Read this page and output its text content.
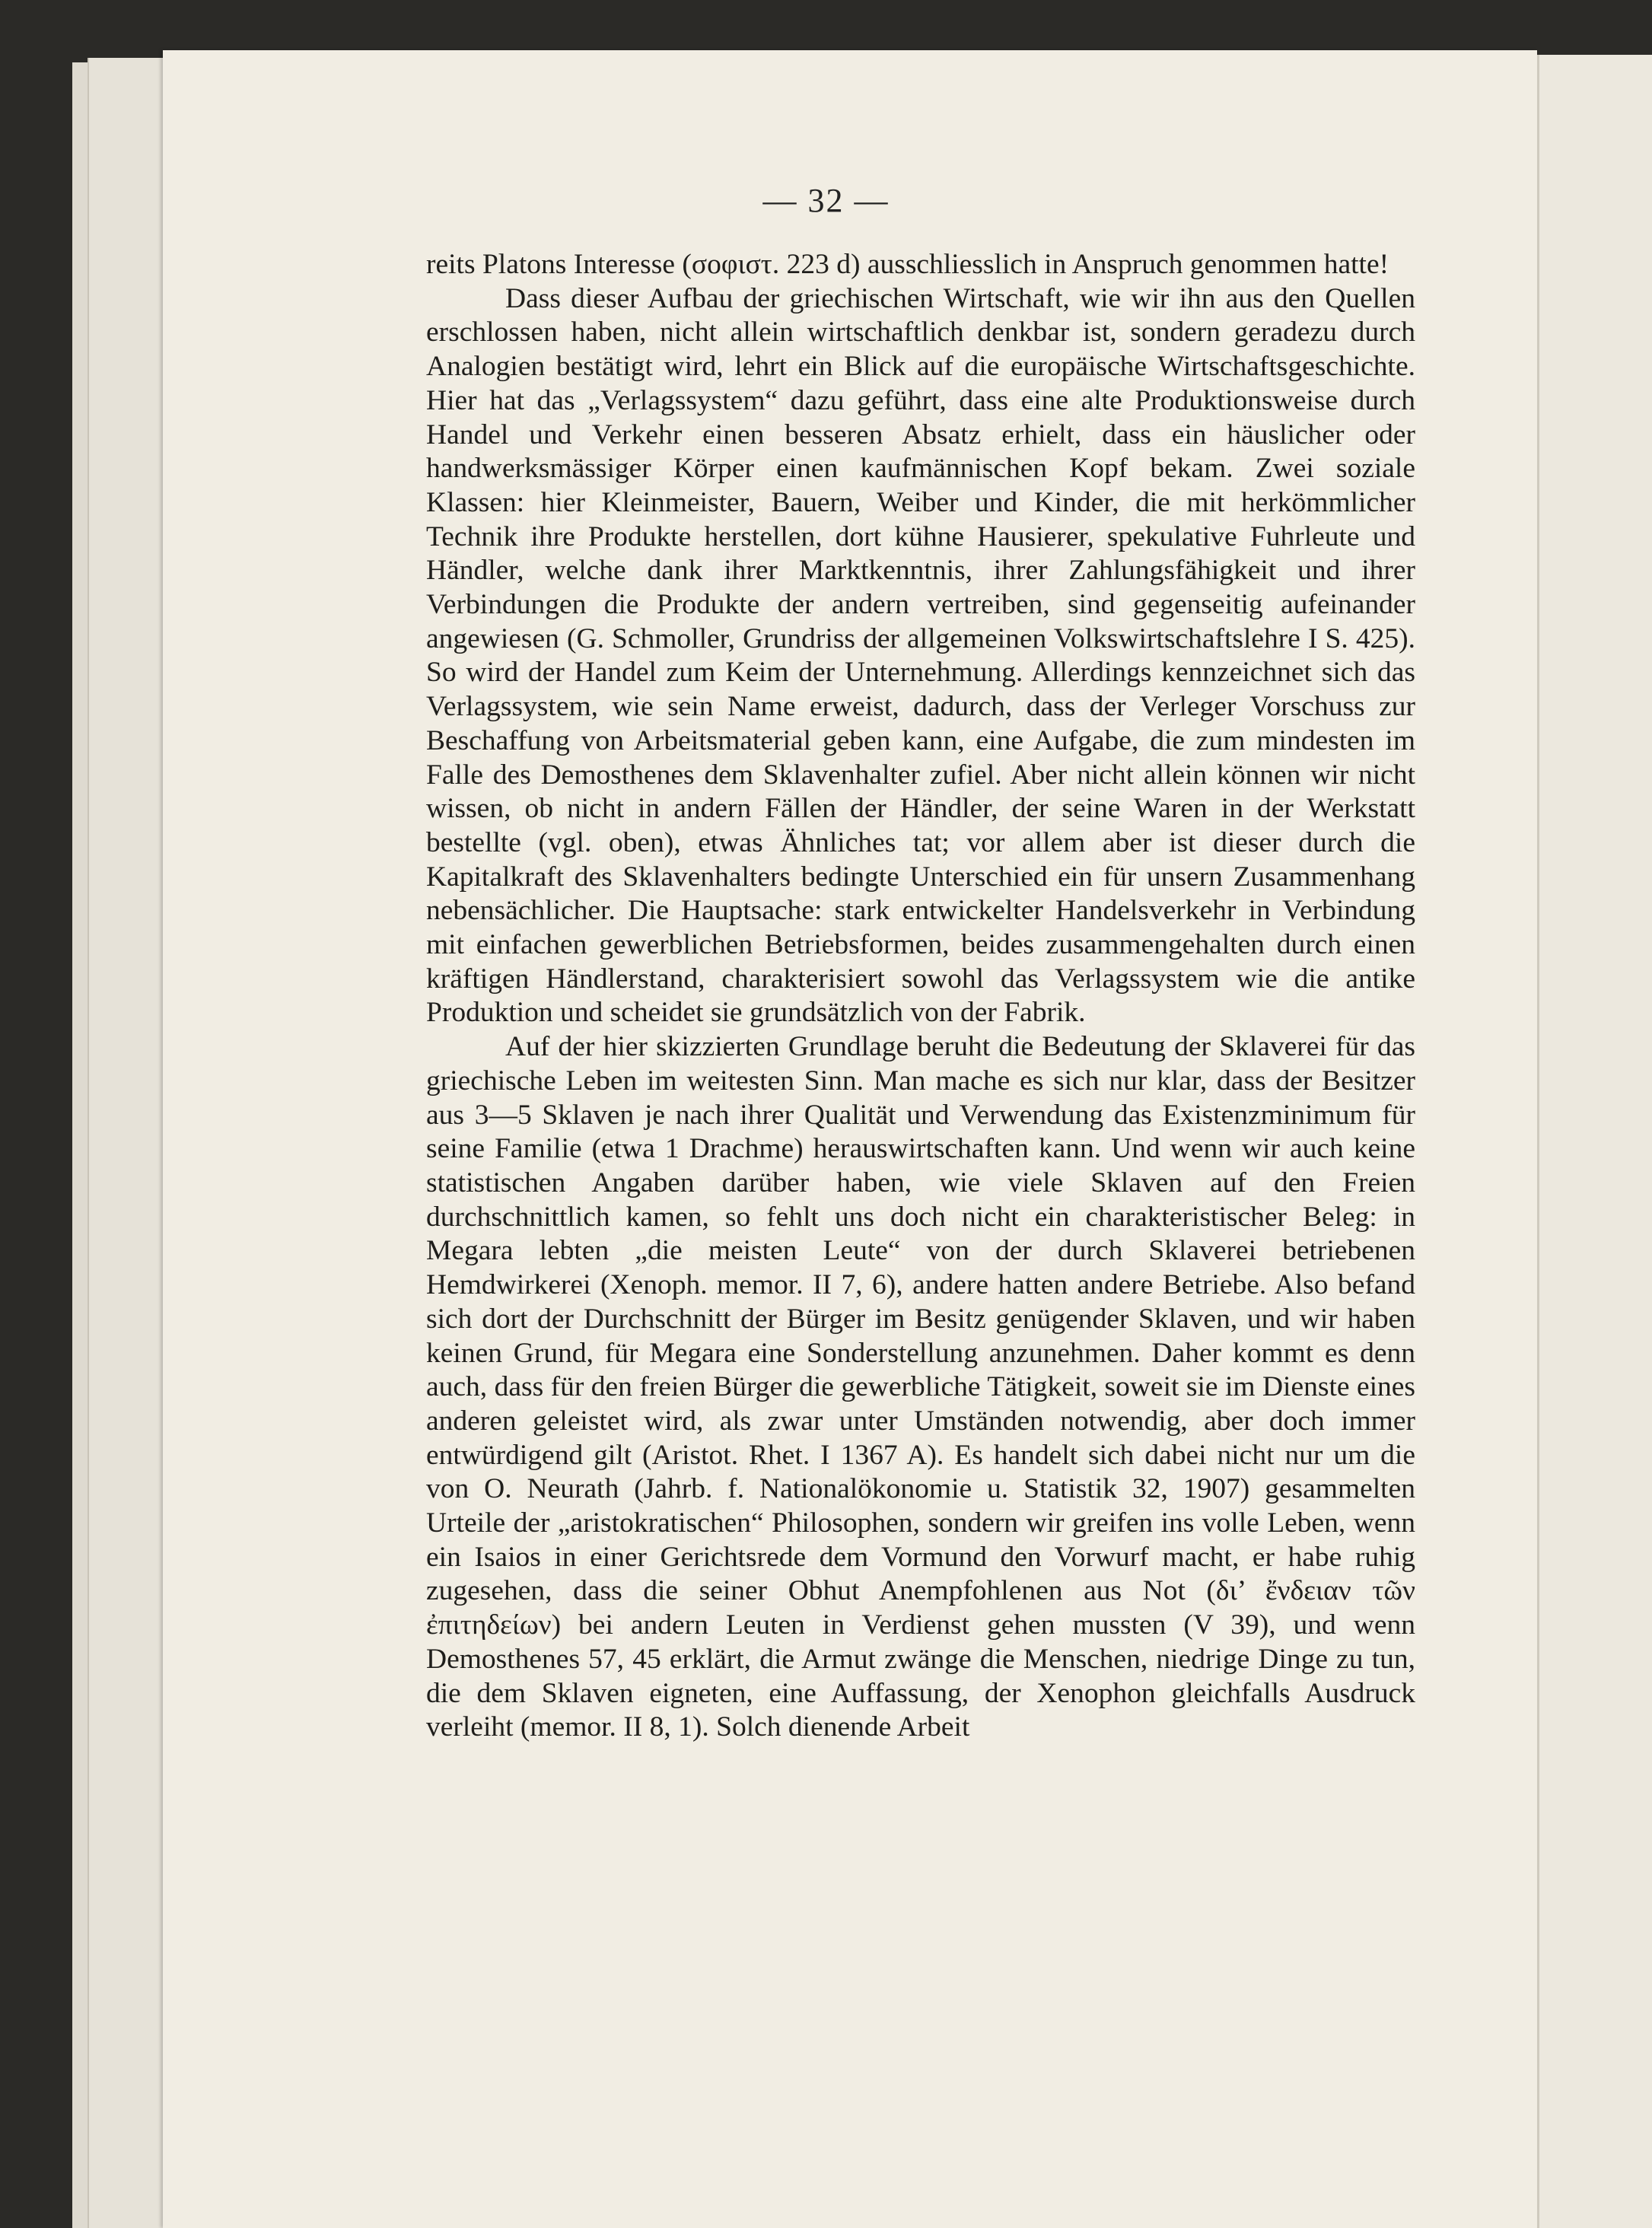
— 32 —

reits Platons Interesse (σοφιστ. 223 d) ausschliesslich in Anspruch genommen hatte!

Dass dieser Aufbau der griechischen Wirtschaft, wie wir ihn aus den Quellen erschlossen haben, nicht allein wirtschaftlich denkbar ist, sondern geradezu durch Analogien bestätigt wird, lehrt ein Blick auf die europäische Wirtschaftsgeschichte. Hier hat das „Verlagssystem“ dazu geführt, dass eine alte Produktionsweise durch Handel und Verkehr einen besseren Absatz erhielt, dass ein häuslicher oder handwerksmässiger Körper einen kaufmännischen Kopf bekam. Zwei soziale Klassen: hier Kleinmeister, Bauern, Weiber und Kinder, die mit herkömmlicher Technik ihre Produkte herstellen, dort kühne Hausierer, spekulative Fuhrleute und Händler, welche dank ihrer Marktkenntnis, ihrer Zahlungsfähigkeit und ihrer Verbindungen die Produkte der andern vertreiben, sind gegenseitig aufeinander angewiesen (G. Schmoller, Grundriss der allgemeinen Volkswirtschaftslehre I S. 425). So wird der Handel zum Keim der Unternehmung. Allerdings kennzeichnet sich das Verlagssystem, wie sein Name erweist, dadurch, dass der Verleger Vorschuss zur Beschaffung von Arbeitsmaterial geben kann, eine Aufgabe, die zum mindesten im Falle des Demosthenes dem Sklavenhalter zufiel. Aber nicht allein können wir nicht wissen, ob nicht in andern Fällen der Händler, der seine Waren in der Werkstatt bestellte (vgl. oben), etwas Ähnliches tat; vor allem aber ist dieser durch die Kapitalkraft des Sklavenhalters bedingte Unterschied ein für unsern Zusammenhang nebensächlicher. Die Hauptsache: stark entwickelter Handelsverkehr in Verbindung mit einfachen gewerblichen Betriebsformen, beides zusammengehalten durch einen kräftigen Händlerstand, charakterisiert sowohl das Verlagssystem wie die antike Produktion und scheidet sie grundsätzlich von der Fabrik.

Auf der hier skizzierten Grundlage beruht die Bedeutung der Sklaverei für das griechische Leben im weitesten Sinn. Man mache es sich nur klar, dass der Besitzer aus 3—5 Sklaven je nach ihrer Qualität und Verwendung das Existenzminimum für seine Familie (etwa 1 Drachme) herauswirtschaften kann. Und wenn wir auch keine statistischen Angaben darüber haben, wie viele Sklaven auf den Freien durchschnittlich kamen, so fehlt uns doch nicht ein charakteristischer Beleg: in Megara lebten „die meisten Leute“ von der durch Sklaverei betriebenen Hemdwirkerei (Xenoph. memor. II 7, 6), andere hatten andere Betriebe. Also befand sich dort der Durchschnitt der Bürger im Besitz genügender Sklaven, und wir haben keinen Grund, für Megara eine Sonderstellung anzunehmen. Daher kommt es denn auch, dass für den freien Bürger die gewerbliche Tätigkeit, soweit sie im Dienste eines anderen geleistet wird, als zwar unter Umständen notwendig, aber doch immer entwürdigend gilt (Aristot. Rhet. I 1367 A). Es handelt sich dabei nicht nur um die von O. Neurath (Jahrb. f. Nationalökonomie u. Statistik 32, 1907) gesammelten Urteile der „aristokratischen“ Philosophen, sondern wir greifen ins volle Leben, wenn ein Isaios in einer Gerichtsrede dem Vormund den Vorwurf macht, er habe ruhig zugesehen, dass die seiner Obhut Anempfohlenen aus Not (δι’ ἔνδειαν τῶν ἐπιτηδείων) bei andern Leuten in Verdienst gehen mussten (V 39), und wenn Demosthenes 57, 45 erklärt, die Armut zwänge die Menschen, niedrige Dinge zu tun, die dem Sklaven eigneten, eine Auffassung, der Xenophon gleichfalls Ausdruck verleiht (memor. II 8, 1). Solch dienende Arbeit
